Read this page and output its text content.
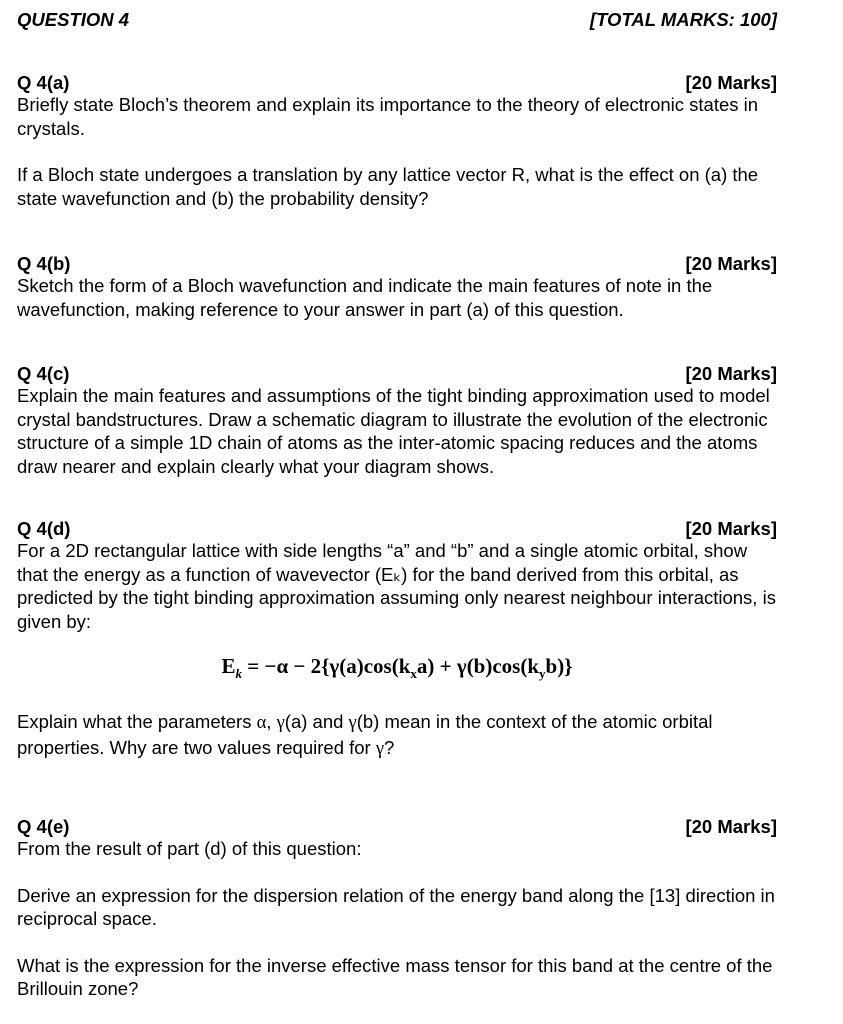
QUESTION 4	[TOTAL MARKS: 100]
Q 4(a)	[20 Marks]

Briefly state Bloch’s theorem and explain its importance to the theory of electronic states in crystals.

If a Bloch state undergoes a translation by any lattice vector R, what is the effect on (a) the state wavefunction and (b) the probability density?

Q 4(b)	[20 Marks]

Sketch the form of a Bloch wavefunction and indicate the main features of note in the wavefunction, making reference to your answer in part (a) of this question.

Q 4(c)	[20 Marks]

Explain the main features and assumptions of the tight binding approximation used to model crystal bandstructures. Draw a schematic diagram to illustrate the evolution of the electronic structure of a simple 1D chain of atoms as the inter-atomic spacing reduces and the atoms draw nearer and explain clearly what your diagram shows.

Q 4(d)	[20 Marks]

For a 2D rectangular lattice with side lengths “a” and “b” and a single atomic orbital, show that the energy as a function of wavevector (Eₖ) for the band derived from this orbital, as predicted by the tight binding approximation assuming only nearest neighbour interactions, is given by:

$E_k = -\alpha - 2\{\gamma(a)\cos(k_xa) + \gamma(b)\cos(k_yb)\}$

Explain what the parameters α, γ(a) and γ(b) mean in the context of the atomic orbital properties. Why are two values required for γ?

Q 4(e)	[20 Marks]

From the result of part (d) of this question:

Derive an expression for the dispersion relation of the energy band along the [13] direction in reciprocal space.

What is the expression for the inverse effective mass tensor for this band at the centre of the Brillouin zone?
